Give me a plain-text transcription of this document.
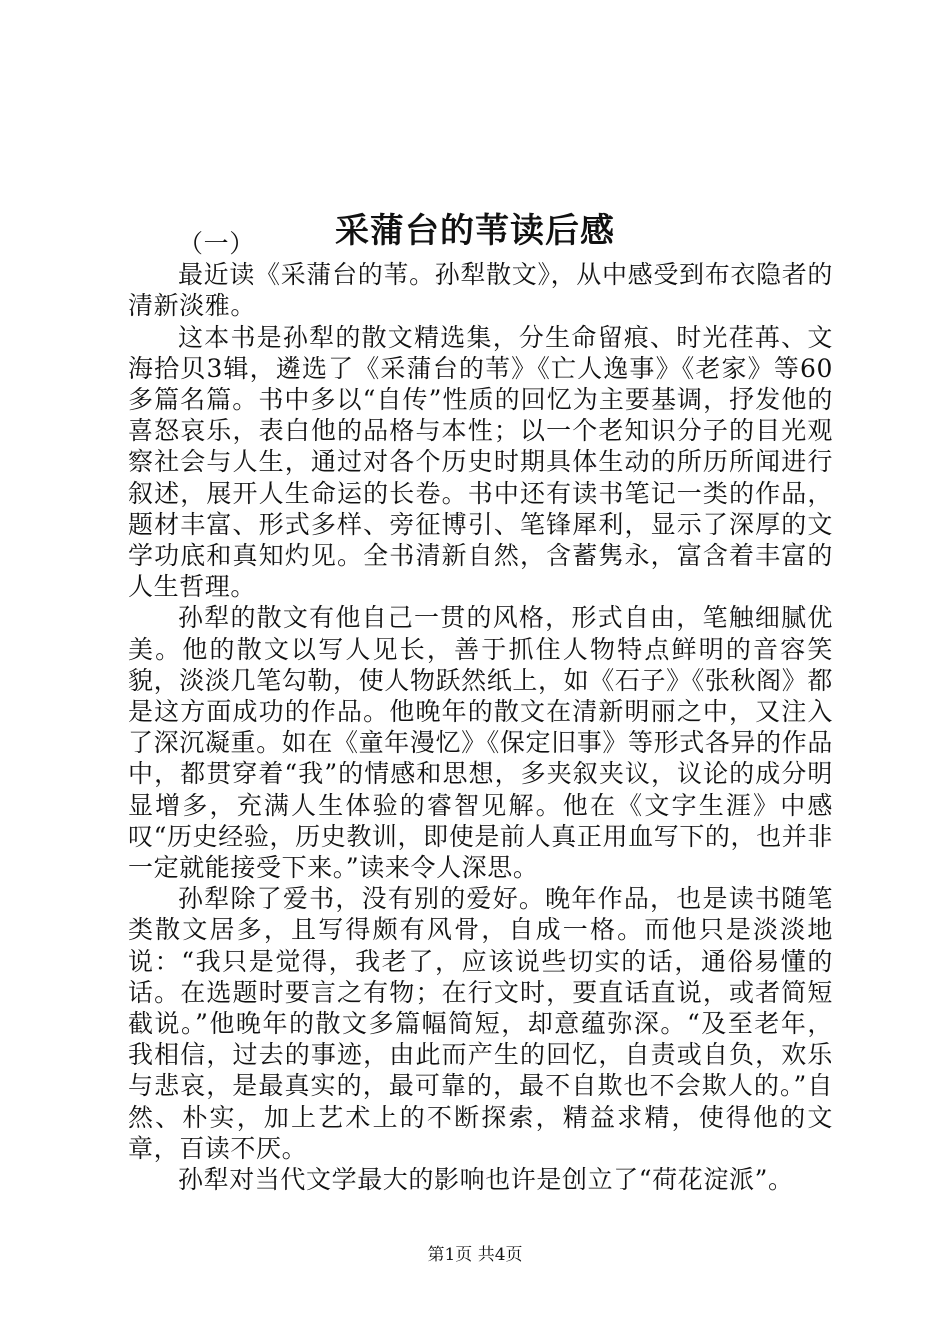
采蒲台的苇读后感

（一）

最近读《采蒲台的苇。孙犁散文》，从中感受到布衣隐者的清新淡雅。

这本书是孙犁的散文精选集，分生命留痕、时光荏苒、文海拾贝3辑，遴选了《采蒲台的苇》《亡人逸事》《老家》等60多篇名篇。书中多以“自传”性质的回忆为主要基调，抒发他的喜怒哀乐，表白他的品格与本性；以一个老知识分子的目光观察社会与人生，通过对各个历史时期具体生动的所历所闻进行叙述，展开人生命运的长卷。书中还有读书笔记一类的作品，题材丰富、形式多样、旁征博引、笔锋犀利，显示了深厚的文学功底和真知灼见。全书清新自然，含蓄隽永，富含着丰富的人生哲理。

孙犁的散文有他自己一贯的风格，形式自由，笔触细腻优美。他的散文以写人见长，善于抓住人物特点鲜明的音容笑貌，淡淡几笔勾勒，使人物跃然纸上，如《石子》《张秋阁》都是这方面成功的作品。他晚年的散文在清新明丽之中，又注入了深沉凝重。如在《童年漫忆》《保定旧事》等形式各异的作品中，都贯穿着“我”的情感和思想，多夹叙夹议，议论的成分明显增多，充满人生体验的睿智见解。他在《文字生涯》中感叹“历史经验，历史教训，即使是前人真正用血写下的，也并非一定就能接受下来。”读来令人深思。

孙犁除了爱书，没有别的爱好。晚年作品，也是读书随笔类散文居多，且写得颇有风骨，自成一格。而他只是淡淡地说：“我只是觉得，我老了，应该说些切实的话，通俗易懂的话。在选题时要言之有物；在行文时，要直话直说，或者简短截说。”他晚年的散文多篇幅简短，却意蕴弥深。“及至老年，我相信，过去的事迹，由此而产生的回忆，自责或自负，欢乐与悲哀，是最真实的，最可靠的，最不自欺也不会欺人的。”自然、朴实，加上艺术上的不断探索，精益求精，使得他的文章，百读不厌。

孙犁对当代文学最大的影响也许是创立了“荷花淀派”。

第1页 共4页
